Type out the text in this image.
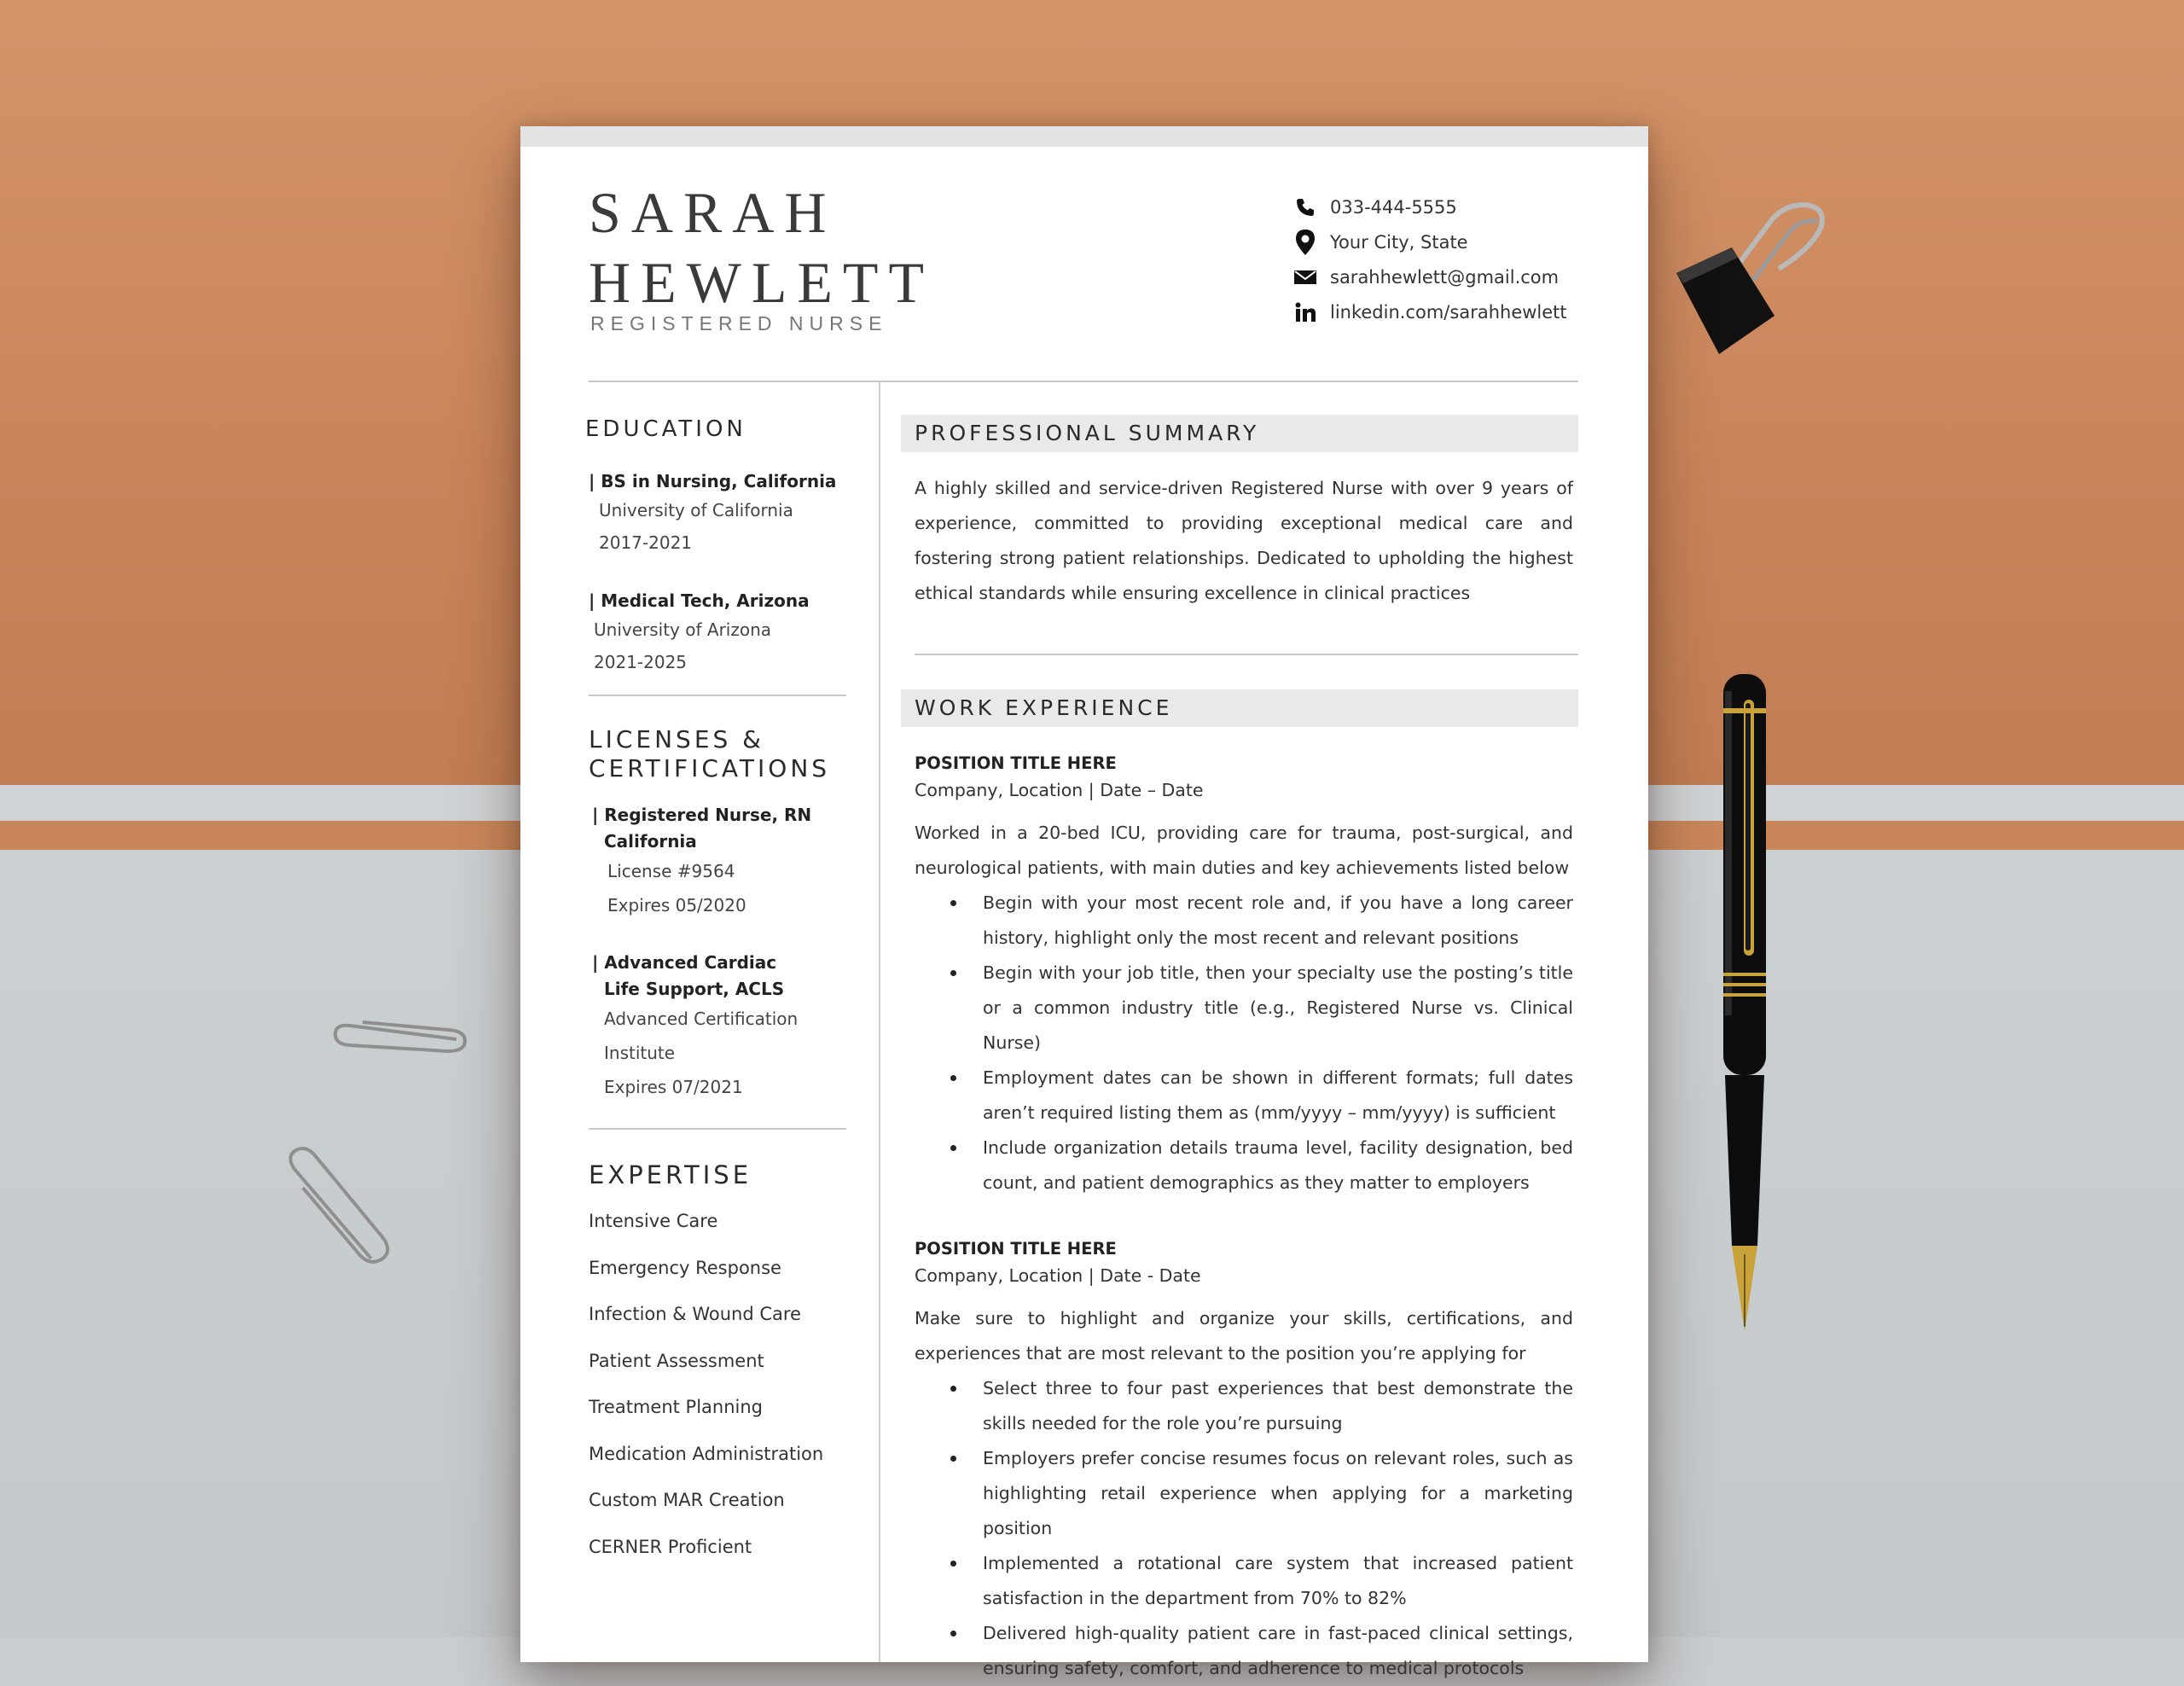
SARAH
HEWLETT
REGISTERED NURSE
033-444-5555
Your City, State
sarahhewlett@gmail.com
linkedin.com/sarahhewlett
EDUCATION
| BS in Nursing, California
University of California
2017-2021
| Medical Tech, Arizona
University of Arizona
2021-2025
LICENSES &
CERTIFICATIONS
| Registered Nurse, RN
California
License #9564
Expires 05/2020
| Advanced Cardiac
Life Support, ACLS
Advanced Certification
Institute
Expires 07/2021
EXPERTISE
Intensive Care
Emergency Response
Infection & Wound Care
Patient Assessment
Treatment Planning
Medication Administration
Custom MAR Creation
CERNER Proficient
PROFESSIONAL SUMMARY
A highly skilled and service-driven Registered Nurse with over 9 years of experience, committed to providing exceptional medical care and fostering strong patient relationships. Dedicated to upholding the highest ethical standards while ensuring excellence in clinical practices
WORK EXPERIENCE
POSITION TITLE HERE
Company, Location | Date – Date
Worked in a 20-bed ICU, providing care for trauma, post-surgical, and neurological patients, with main duties and key achievements listed below
Begin with your most recent role and, if you have a long career history, highlight only the most recent and relevant positions
Begin with your job title, then your specialty use the posting’s title or a common industry title (e.g., Registered Nurse vs. Clinical Nurse)
Employment dates can be shown in different formats; full dates aren’t required listing them as (mm/yyyy – mm/yyyy) is sufficient
Include organization details trauma level, facility designation, bed count, and patient demographics as they matter to employers
POSITION TITLE HERE
Company, Location | Date - Date
Make sure to highlight and organize your skills, certifications, and experiences that are most relevant to the position you’re applying for
Select three to four past experiences that best demonstrate the skills needed for the role you’re pursuing
Employers prefer concise resumes focus on relevant roles, such as highlighting retail experience when applying for a marketing position
Implemented a rotational care system that increased patient satisfaction in the department from 70% to 82%
Delivered high-quality patient care in fast-paced clinical settings, ensuring safety, comfort, and adherence to medical protocols
